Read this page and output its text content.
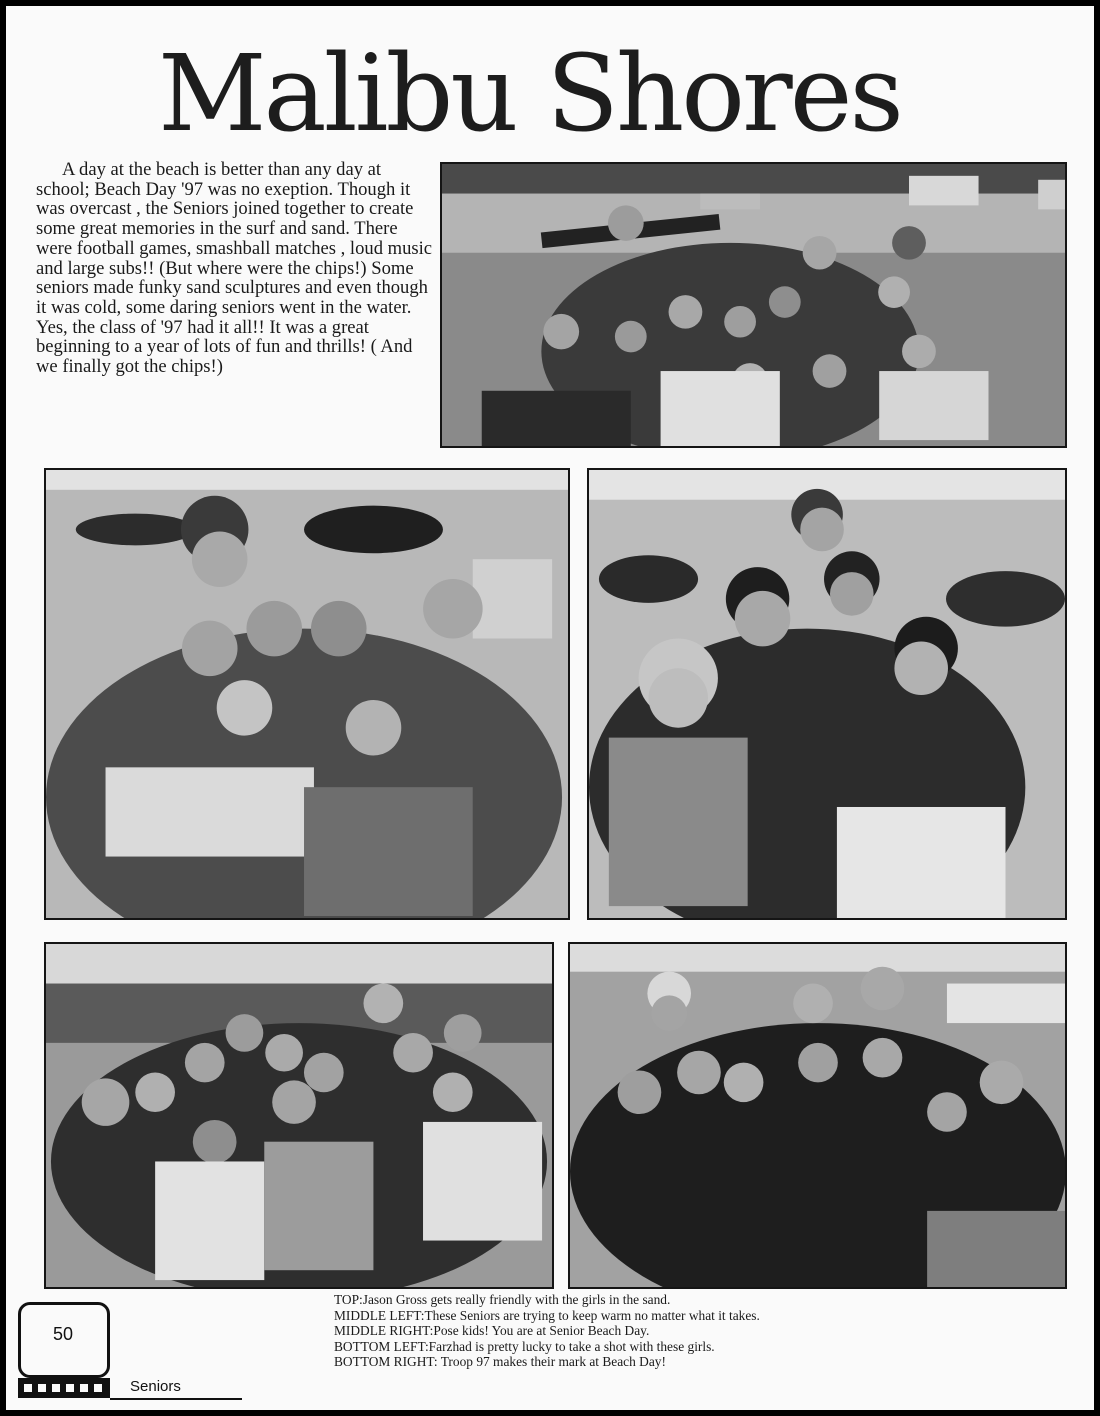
Malibu Shores

A day at the beach is better than any day at school; Beach Day '97 was no exeption. Though it was overcast , the Seniors joined together to create some great memories in the surf and sand. There were football games, smashball matches , loud music and large subs!! (But where were the chips!) Some seniors made funky sand sculptures and even though it was cold, some daring seniors went in the water. Yes, the class of '97 had it all!! It was a great beginning to a year of lots of fun and thrills! ( And we finally got the chips!)

TOP:Jason Gross gets really friendly with the girls in the sand.
MIDDLE LEFT:These Seniors are trying to keep warm no matter what it takes.
MIDDLE RIGHT:Pose kids! You are at Senior Beach Day.
BOTTOM LEFT:Farzhad is pretty lucky to take a shot with these girls.
BOTTOM RIGHT: Troop 97 makes their mark at Beach Day!
50
Seniors
